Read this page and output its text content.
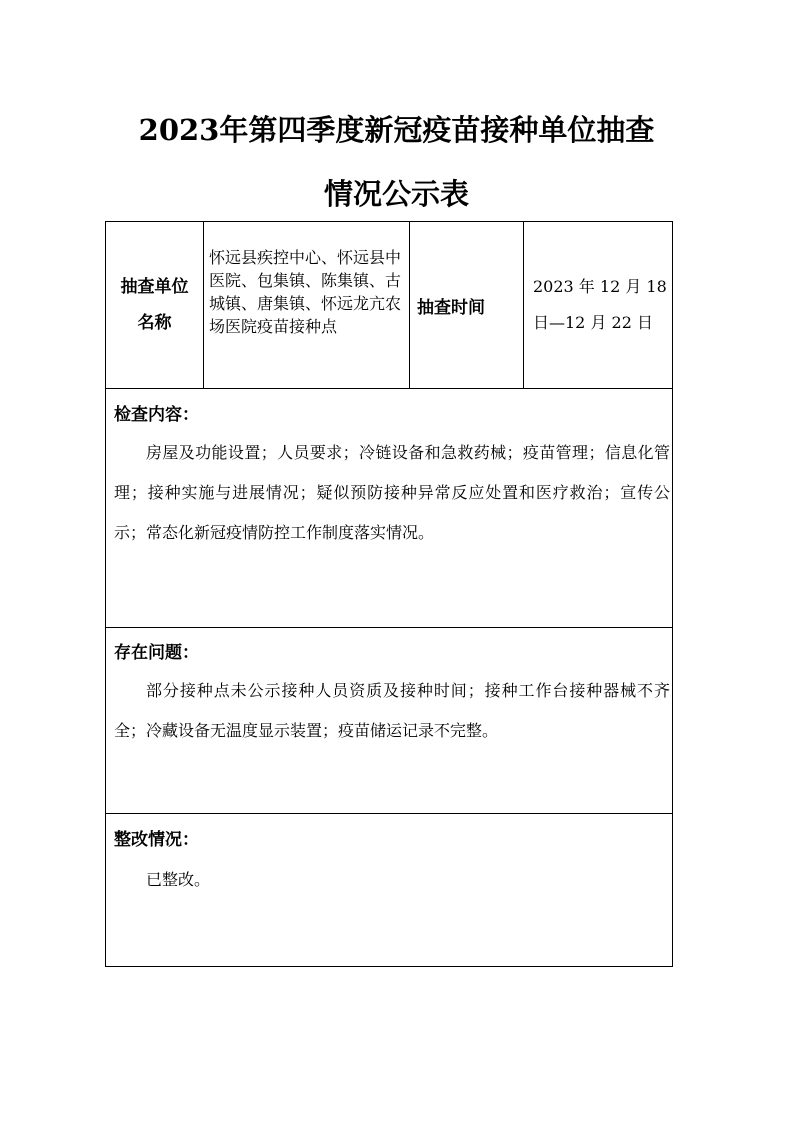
2023年第四季度新冠疫苗接种单位抽查
情况公示表
抽查单位
名称
怀远县疾控中心、怀远县中医院、包集镇、陈集镇、古城镇、唐集镇、怀远龙亢农场医院疫苗接种点
抽查时间
2023 年 12 月 18
日—12 月 22 日
检查内容：
房屋及功能设置；人员要求；冷链设备和急救药械；疫苗管理；信息化管理；接种实施与进展情况；疑似预防接种异常反应处置和医疗救治；宣传公示；常态化新冠疫情防控工作制度落实情况。
存在问题：
部分接种点未公示接种人员资质及接种时间；接种工作台接种器械不齐全；冷藏设备无温度显示装置；疫苗储运记录不完整。
整改情况：
已整改。
